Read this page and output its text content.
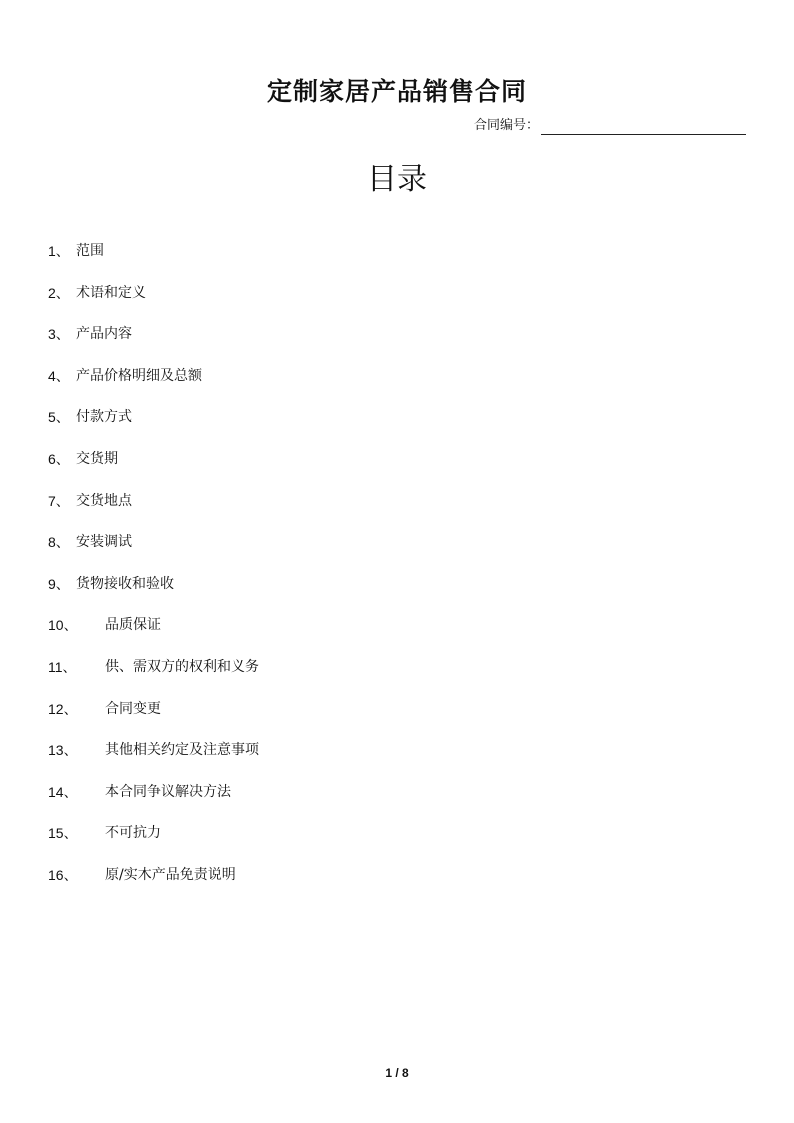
定制家居产品销售合同
合同编号：
目录
1、 范围
2、 术语和定义
3、 产品内容
4、 产品价格明细及总额
5、 付款方式
6、 交货期
7、 交货地点
8、 安装调试
9、 货物接收和验收
10、	品质保证
11、	供、需双方的权利和义务
12、	合同变更
13、	其他相关约定及注意事项
14、	本合同争议解决方法
15、	不可抗力
16、	原/实木产品免责说明
1 / 8
